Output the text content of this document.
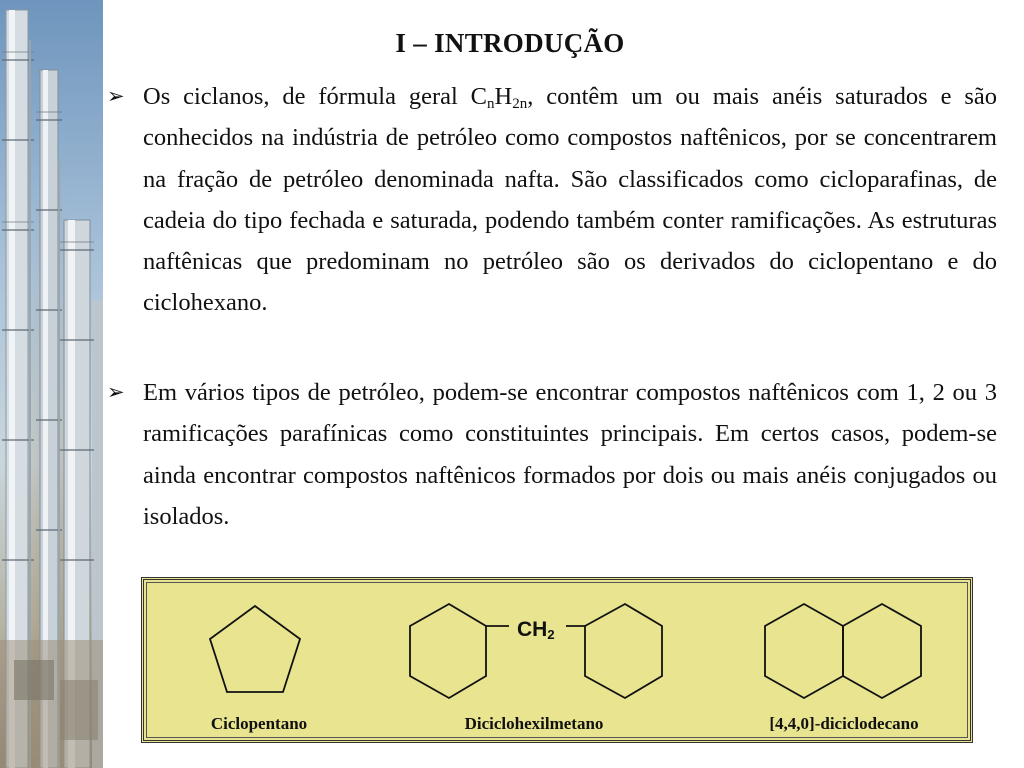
I – INTRODUÇÃO
➢ Os ciclanos, de fórmula geral $C_nH_{2n}$, contêm um ou mais anéis saturados e são conhecidos na indústria de petróleo como compostos naftênicos, por se concentrarem na fração de petróleo denominada nafta. São classificados como cicloparafinas, de cadeia do tipo fechada e saturada, podendo também conter ramificações. As estruturas naftênicas que predominam no petróleo são os derivados do ciclopentano e do ciclohexano.

➢ Em vários tipos de petróleo, podem-se encontrar compostos naftênicos com 1, 2 ou 3 ramificações parafínicas como constituintes principais. Em certos casos, podem-se ainda encontrar compostos naftênicos formados por dois ou mais anéis conjugados ou isolados.

$CH_2$
Ciclopentano	Diciclohexilmetano	[4,4,0]-diciclodecano
